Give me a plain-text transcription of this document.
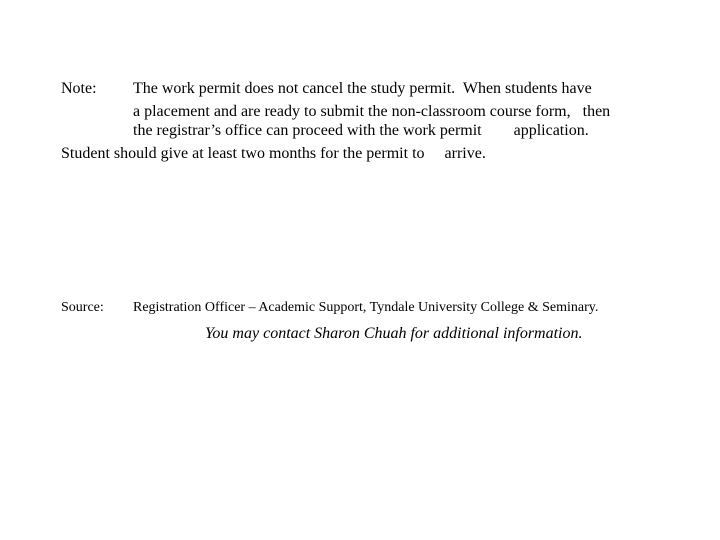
Note: The work permit does not cancel the study permit.  When students have
a placement and are ready to submit the non-classroom course form,   then
the registrar’s office can proceed with the work permit        application.
Student should give at least two months for the permit to     arrive.
Source: Registration Officer – Academic Support, Tyndale University College & Seminary.
You may contact Sharon Chuah for additional information.
